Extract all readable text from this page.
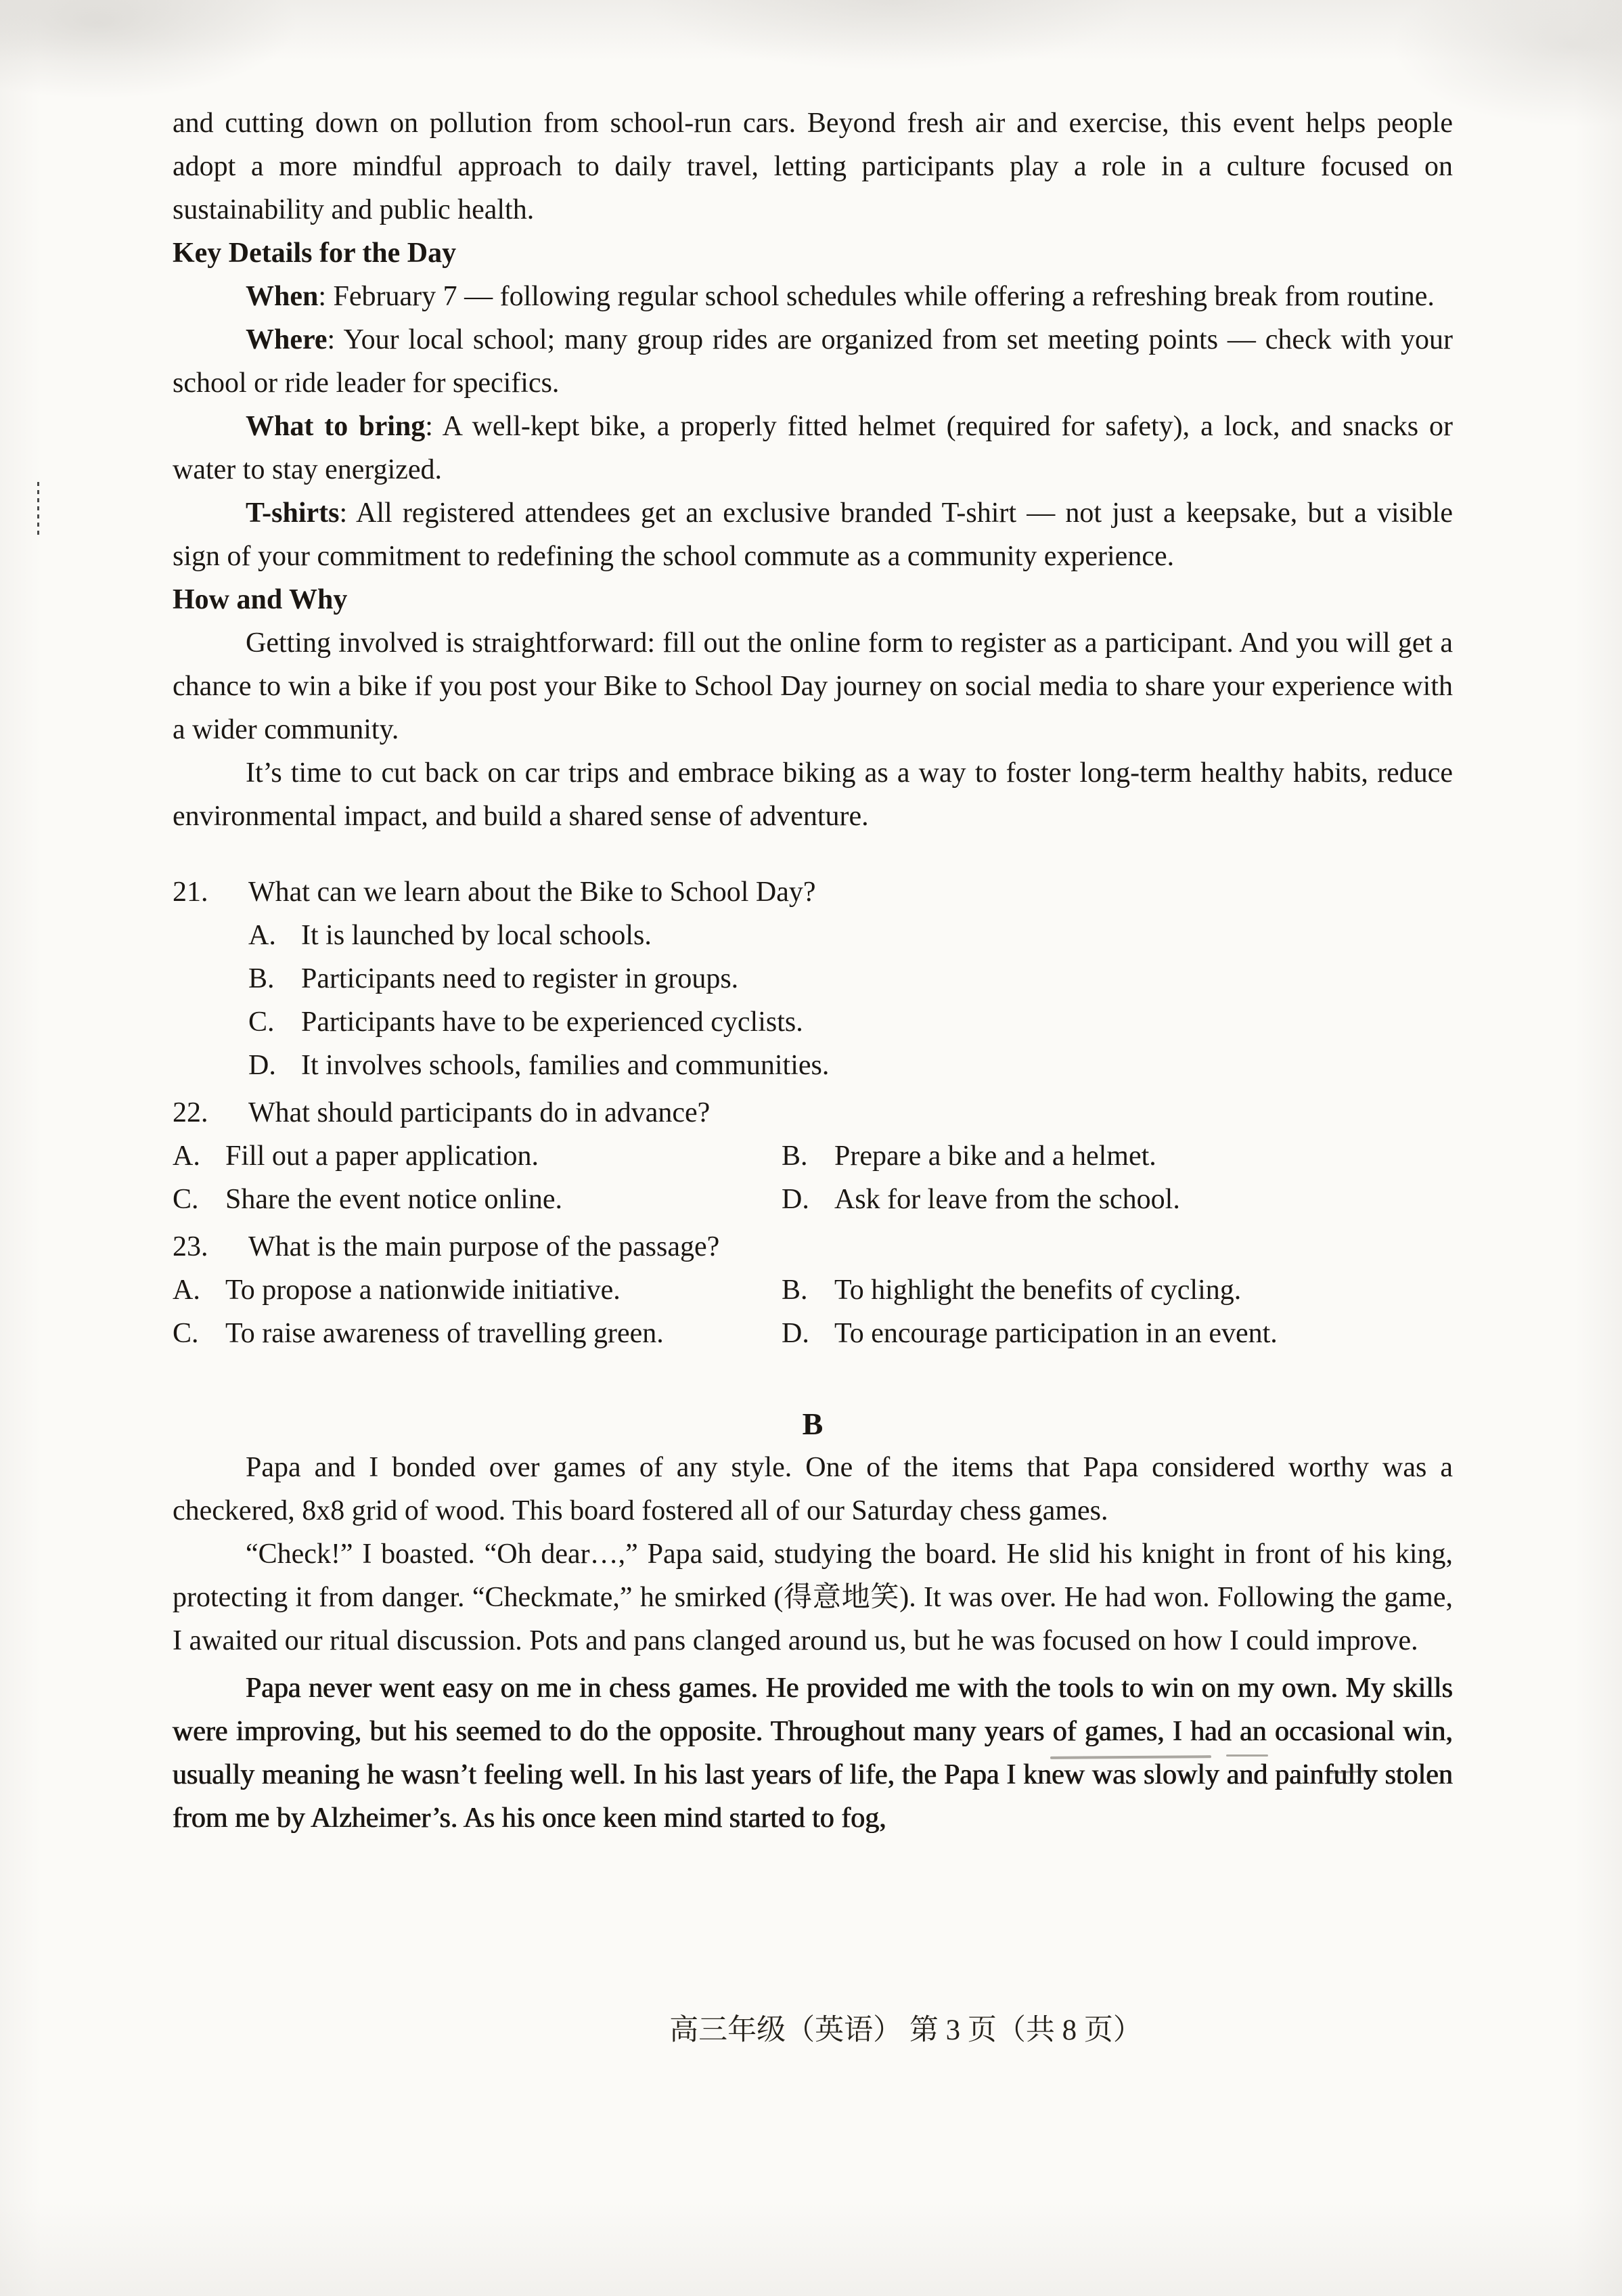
and cutting down on pollution from school-run cars. Beyond fresh air and exercise, this event helps people adopt a more mindful approach to daily travel, letting participants play a role in a culture focused on sustainability and public health.

Key Details for the Day

When: February 7 — following regular school schedules while offering a refreshing break from routine.

Where: Your local school; many group rides are organized from set meeting points — check with your school or ride leader for specifics.

What to bring: A well-kept bike, a properly fitted helmet (required for safety), a lock, and snacks or water to stay energized.

T-shirts: All registered attendees get an exclusive branded T-shirt — not just a keepsake, but a visible sign of your commitment to redefining the school commute as a community experience.

How and Why

Getting involved is straightforward: fill out the online form to register as a participant. And you will get a chance to win a bike if you post your Bike to School Day journey on social media to share your experience with a wider community.

It’s time to cut back on car trips and embrace biking as a way to foster long-term healthy habits, reduce environmental impact, and build a shared sense of adventure.

21. What can we learn about the Bike to School Day?

A. It is launched by local schools.

B. Participants need to register in groups.

C. Participants have to be experienced cyclists.

D. It involves schools, families and communities.

22. What should participants do in advance?

A. Fill out a paper application.	B. Prepare a bike and a helmet.

C. Share the event notice online.	D. Ask for leave from the school.

23. What is the main purpose of the passage?

A. To propose a nationwide initiative.	B. To highlight the benefits of cycling.

C. To raise awareness of travelling green.	D. To encourage participation in an event.

B

Papa and I bonded over games of any style. One of the items that Papa considered worthy was a checkered, 8x8 grid of wood. This board fostered all of our Saturday chess games.

“Check!” I boasted. “Oh dear…,” Papa said, studying the board. He slid his knight in front of his king, protecting it from danger. “Checkmate,” he smirked (得意地笑). It was over. He had won. Following the game, I awaited our ritual discussion. Pots and pans clanged around us, but he was focused on how I could improve.

Papa never went easy on me in chess games. He provided me with the tools to win on my own. My skills were improving, but his seemed to do the opposite. Throughout many years of games, I had an occasional win, usually meaning he wasn’t feeling well. In his last years of life, the Papa I knew was slowly and painfully stolen from me by Alzheimer’s. As his once keen mind started to fog,

高三年级（英语） 第 3 页（共 8 页）
